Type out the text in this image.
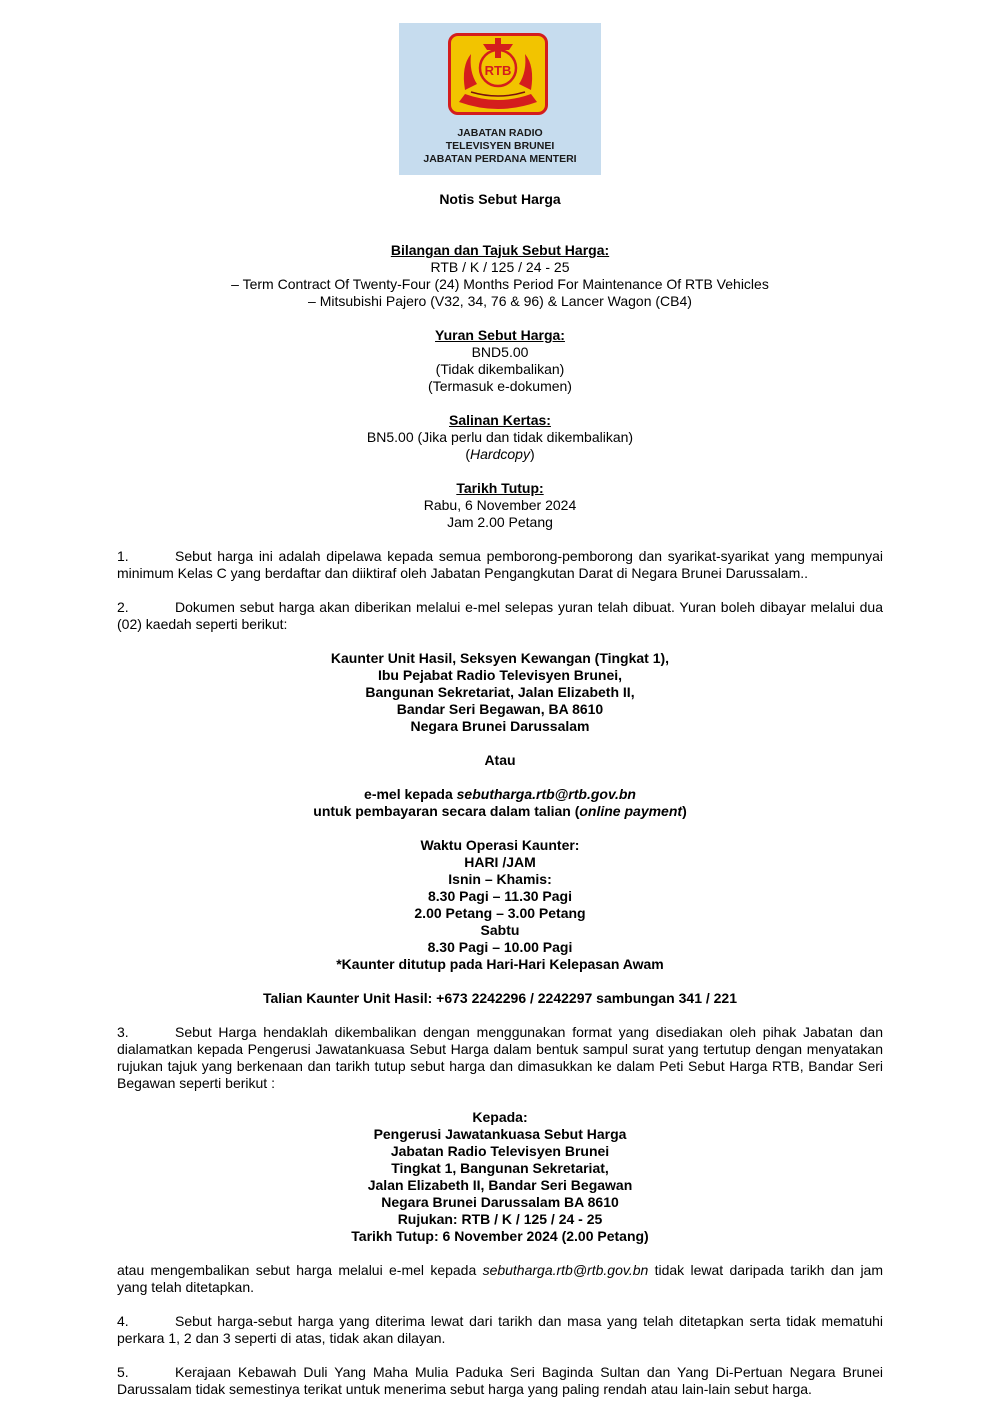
RTB
JABATAN RADIO
TELEVISYEN BRUNEI
JABATAN PERDANA MENTERI

Notis Sebut Harga

Bilangan dan Tajuk Sebut Harga:

RTB / K / 125 / 24 - 25

– Term Contract Of Twenty-Four (24) Months Period For Maintenance Of RTB Vehicles

– Mitsubishi Pajero (V32, 34, 76 & 96) & Lancer Wagon (CB4)

Yuran Sebut Harga:

BND5.00

(Tidak dikembalikan)

(Termasuk e-dokumen)

Salinan Kertas:

BN5.00 (Jika perlu dan tidak dikembalikan)

(Hardcopy)

Tarikh Tutup:

Rabu, 6 November 2024

Jam 2.00 Petang

1.	Sebut harga ini adalah dipelawa kepada semua pemborong-pemborong dan syarikat-syarikat yang mempunyai minimum Kelas C yang berdaftar dan diiktiraf oleh Jabatan Pengangkutan Darat di Negara Brunei Darussalam..

2.	Dokumen sebut harga akan diberikan melalui e-mel selepas yuran telah dibuat. Yuran boleh dibayar melalui dua (02) kaedah seperti berikut:

Kaunter Unit Hasil, Seksyen Kewangan (Tingkat 1),

Ibu Pejabat Radio Televisyen Brunei,

Bangunan Sekretariat, Jalan Elizabeth II,

Bandar Seri Begawan, BA 8610

Negara Brunei Darussalam

Atau

e-mel kepada sebutharga.rtb@rtb.gov.bn

untuk pembayaran secara dalam talian (online payment)

Waktu Operasi Kaunter:

HARI /JAM

Isnin – Khamis:

8.30 Pagi – 11.30 Pagi

2.00 Petang – 3.00 Petang

Sabtu

8.30 Pagi – 10.00 Pagi

*Kaunter ditutup pada Hari-Hari Kelepasan Awam

Talian Kaunter Unit Hasil: +673 2242296 / 2242297 sambungan 341 / 221

3.	Sebut Harga hendaklah dikembalikan dengan menggunakan format yang disediakan oleh pihak Jabatan dan dialamatkan kepada Pengerusi Jawatankuasa Sebut Harga dalam bentuk sampul surat yang tertutup dengan menyatakan rujukan tajuk yang berkenaan dan tarikh tutup sebut harga dan dimasukkan ke dalam Peti Sebut Harga RTB, Bandar Seri Begawan seperti berikut :

Kepada:

Pengerusi Jawatankuasa Sebut Harga

Jabatan Radio Televisyen Brunei

Tingkat 1, Bangunan Sekretariat,

Jalan Elizabeth II, Bandar Seri Begawan

Negara Brunei Darussalam BA 8610

Rujukan: RTB / K / 125 / 24 - 25

Tarikh Tutup: 6 November 2024 (2.00 Petang)

atau mengembalikan sebut harga melalui e-mel kepada sebutharga.rtb@rtb.gov.bn tidak lewat daripada tarikh dan jam yang telah ditetapkan.

4.	Sebut harga-sebut harga yang diterima lewat dari tarikh dan masa yang telah ditetapkan serta tidak mematuhi perkara 1, 2 dan 3 seperti di atas, tidak akan dilayan.

5.	Kerajaan Kebawah Duli Yang Maha Mulia Paduka Seri Baginda Sultan dan Yang Di-Pertuan Negara Brunei Darussalam tidak semestinya terikat untuk menerima sebut harga yang paling rendah atau lain-lain sebut harga.
